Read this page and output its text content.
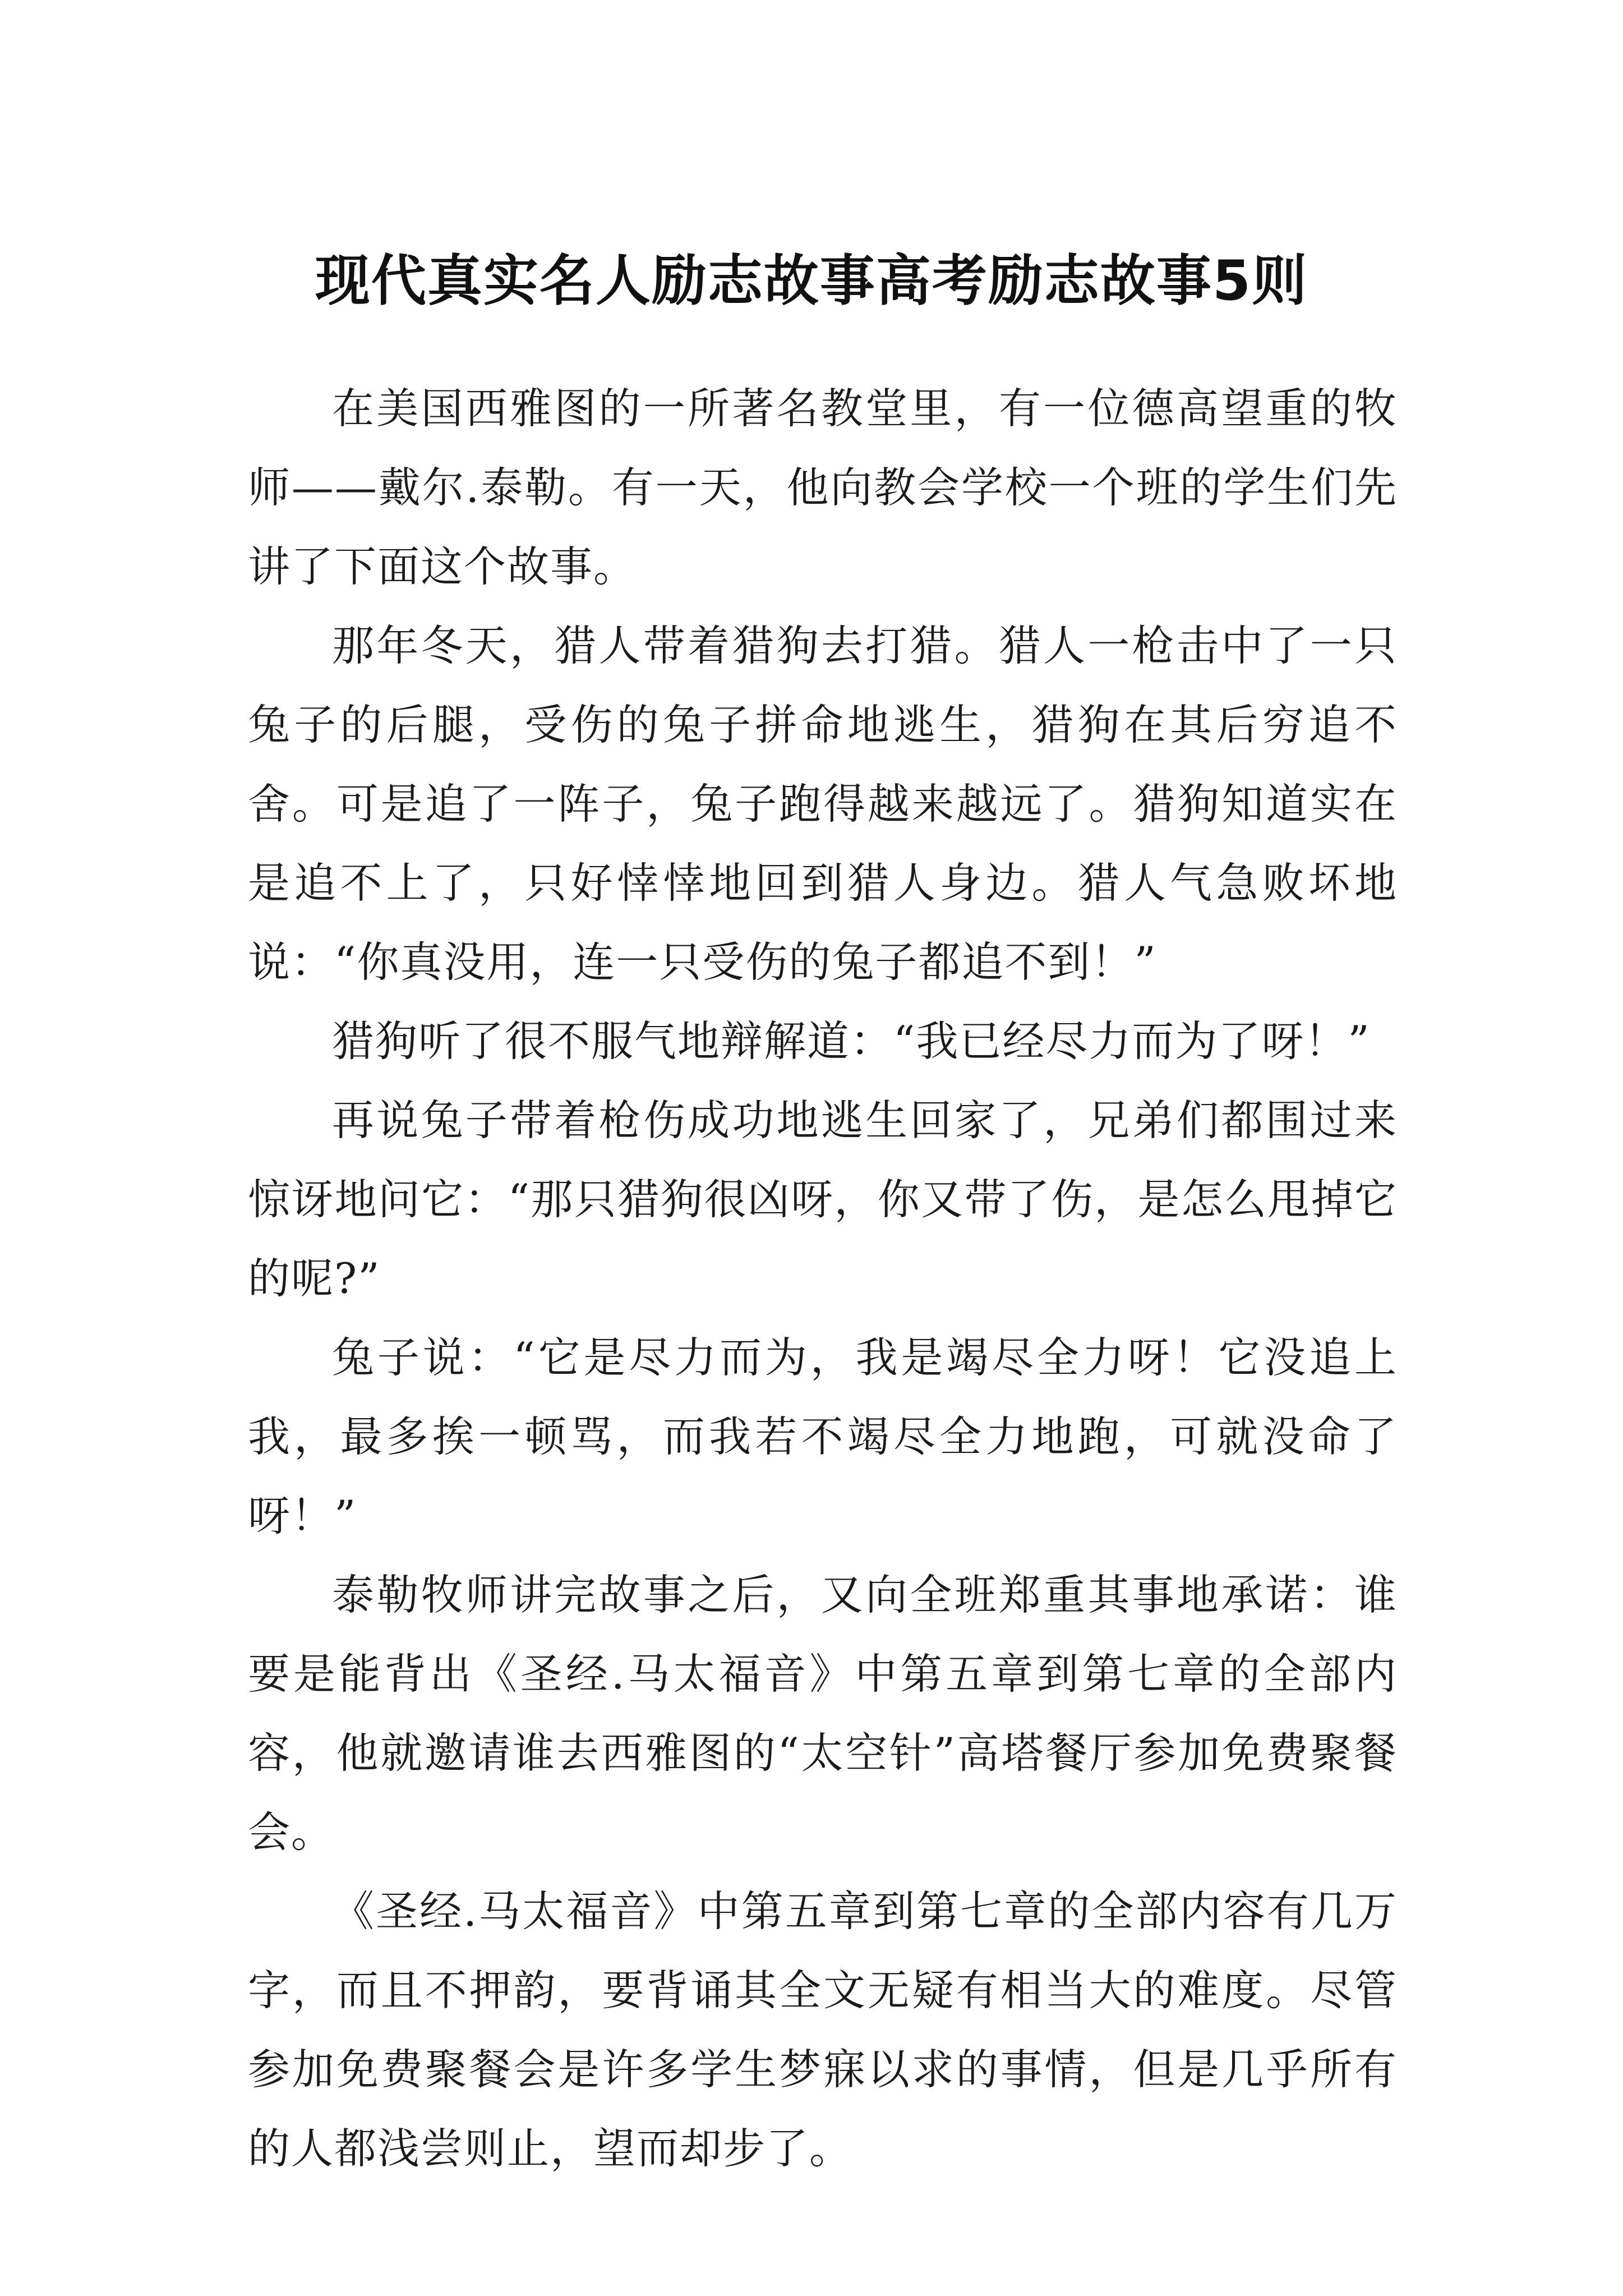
现代真实名人励志故事高考励志故事5则

在美国西雅图的一所著名教堂里，有一位德高望重的牧师——戴尔.泰勒。有一天，他向教会学校一个班的学生们先讲了下面这个故事。

那年冬天，猎人带着猎狗去打猎。猎人一枪击中了一只兔子的后腿，受伤的兔子拼命地逃生，猎狗在其后穷追不舍。可是追了一阵子，兔子跑得越来越远了。猎狗知道实在是追不上了，只好悻悻地回到猎人身边。猎人气急败坏地说：“你真没用，连一只受伤的兔子都追不到！”

猎狗听了很不服气地辩解道：“我已经尽力而为了呀！”

再说兔子带着枪伤成功地逃生回家了，兄弟们都围过来惊讶地问它：“那只猎狗很凶呀，你又带了伤，是怎么甩掉它的呢?”

兔子说：“它是尽力而为，我是竭尽全力呀！它没追上我，最多挨一顿骂，而我若不竭尽全力地跑，可就没命了呀！”

泰勒牧师讲完故事之后，又向全班郑重其事地承诺：谁要是能背出《圣经.马太福音》中第五章到第七章的全部内容，他就邀请谁去西雅图的“太空针”高塔餐厅参加免费聚餐会。

《圣经.马太福音》中第五章到第七章的全部内容有几万字，而且不押韵，要背诵其全文无疑有相当大的难度。尽管参加免费聚餐会是许多学生梦寐以求的事情，但是几乎所有的人都浅尝则止，望而却步了。
